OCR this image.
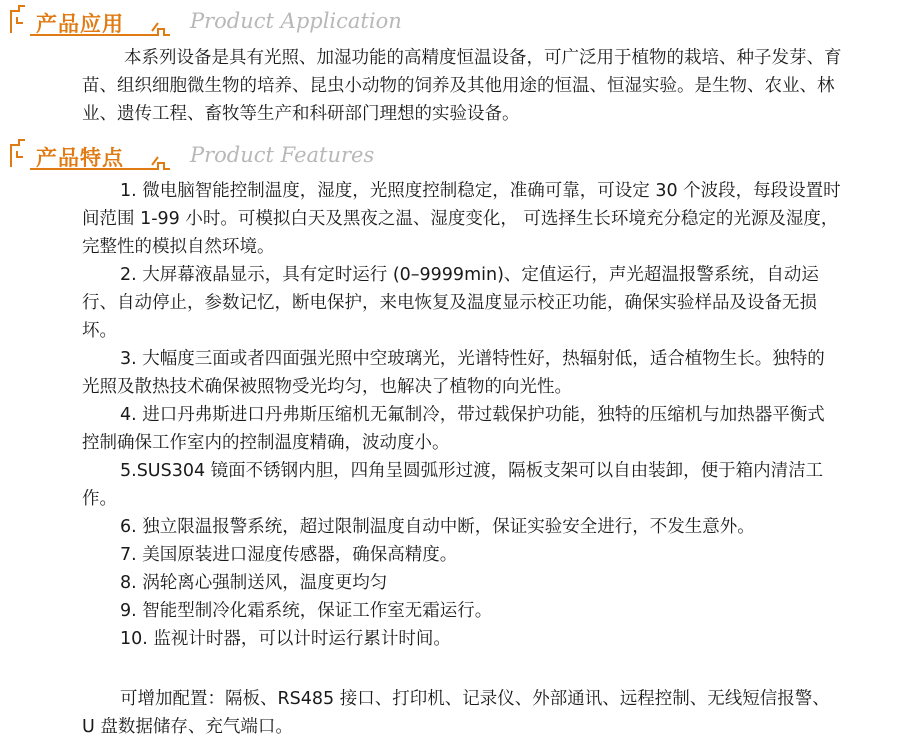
产品应用	Product Application

本系列设备是具有光照、加湿功能的高精度恒温设备，可广泛用于植物的栽培、种子发芽、育苗、组织细胞微生物的培养、昆虫小动物的饲养及其他用途的恒温、恒湿实验。是生物、农业、林业、遗传工程、畜牧等生产和科研部门理想的实验设备。

产品特点	Product Features

1. 微电脑智能控制温度，湿度，光照度控制稳定，准确可靠，可设定 30 个波段，每段设置时间范围 1-99 小时。可模拟白天及黑夜之温、湿度变化， 可选择生长环境充分稳定的光源及湿度，完整性的模拟自然环境。

2. 大屏幕液晶显示，具有定时运行 (0–9999min)、定值运行，声光超温报警系统，自动运行、自动停止，参数记忆，断电保护，来电恢复及温度显示校正功能，确保实验样品及设备无损坏。

3. 大幅度三面或者四面强光照中空玻璃光，光谱特性好，热辐射低，适合植物生长。独特的光照及散热技术确保被照物受光均匀，也解决了植物的向光性。

4. 进口丹弗斯进口丹弗斯压缩机无氟制冷，带过载保护功能，独特的压缩机与加热器平衡式控制确保工作室内的控制温度精确，波动度小。

5.SUS304 镜面不锈钢内胆，四角呈圆弧形过渡，隔板支架可以自由装卸，便于箱内清洁工作。

6. 独立限温报警系统，超过限制温度自动中断，保证实验安全进行，不发生意外。

7. 美国原装进口湿度传感器，确保高精度。

8. 涡轮离心强制送风，温度更均匀

9. 智能型制冷化霜系统，保证工作室无霜运行。

10. 监视计时器，可以计时运行累计时间。

可增加配置：隔板、RS485 接口、打印机、记录仪、外部通讯、远程控制、无线短信报警、U 盘数据储存、充气端口。
